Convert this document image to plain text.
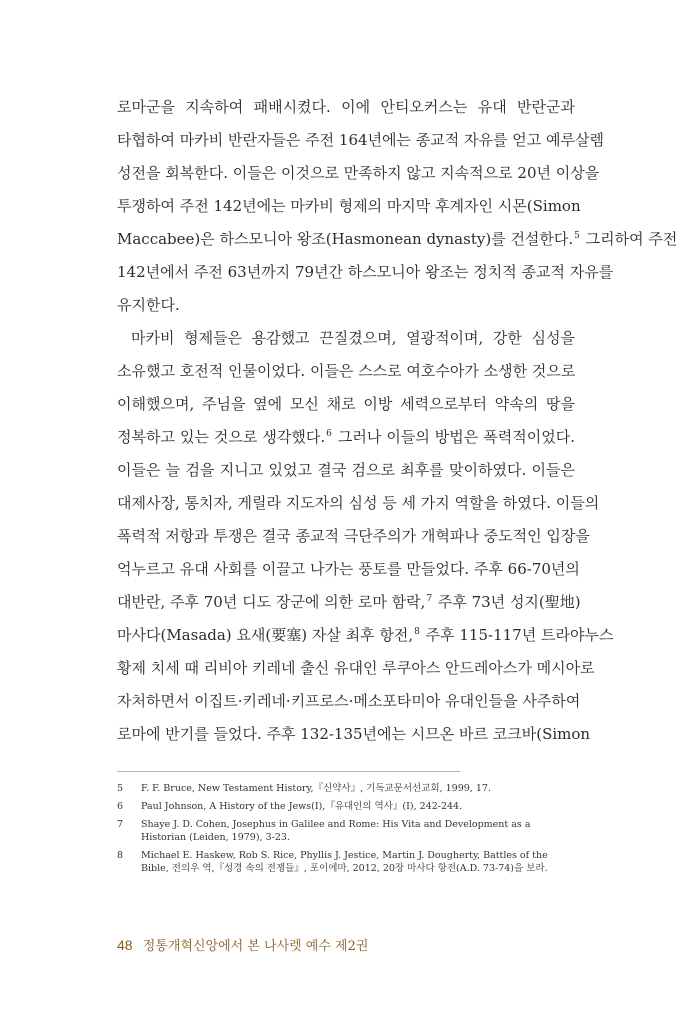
로마군을 지속하여 패배시켰다. 이에 안티오커스는 유대 반란군과
타협하여 마카비 반란자들은 주전 164년에는 종교적 자유를 얻고 예루살렘
성전을 회복한다. 이들은 이것으로 만족하지 않고 지속적으로 20년 이상을
투쟁하여 주전 142년에는 마카비 형제의 마지막 후계자인 시몬(Simon
Maccabee)은 하스모니아 왕조(Hasmonean dynasty)를 건설한다.$^5$ 그리하여 주전
142년에서 주전 63년까지 79년간 하스모니아 왕조는 정치적 종교적 자유를
유지한다.
마카비 형제들은 용감했고 끈질겼으며, 열광적이며, 강한 심성을
소유했고 호전적 인물이었다. 이들은 스스로 여호수아가 소생한 것으로
이해했으며, 주님을 옆에 모신 채로 이방 세력으로부터 약속의 땅을
정복하고 있는 것으로 생각했다.$^6$ 그러나 이들의 방법은 폭력적이었다.
이들은 늘 검을 지니고 있었고 결국 검으로 최후를 맞이하였다. 이들은
대제사장, 통치자, 게릴라 지도자의 심성 등 세 가지 역할을 하였다. 이들의
폭력적 저항과 투쟁은 결국 종교적 극단주의가 개혁파나 중도적인 입장을
억누르고 유대 사회를 이끌고 나가는 풍토를 만들었다. 주후 66-70년의
대반란, 주후 70년 디도 장군에 의한 로마 함락,$^7$ 주후 73년 성지(聖地)
마사다(Masada) 요새(要塞) 자살 최후 항전,$^8$ 주후 115-117년 트라야누스
황제 치세 때 리비아 키레네 출신 유대인 루쿠아스 안드레아스가 메시아로
자처하면서 이집트·키레네·키프로스·메소포타미아 유대인들을 사주하여
로마에 반기를 들었다. 주후 132-135년에는 시므온 바르 코크바(Simon
5	F. F. Bruce, New Testament History,『신약사』, 기독교문서선교회, 1999, 17.
6	Paul Johnson, A History of the Jews(I),『유대인의 역사』(I), 242-244.
7	Shaye J. D. Cohen, Josephus in Galilee and Rome: His Vita and Development as a Historian (Leiden, 1979), 3-23.
8	Michael E. Haskew, Rob S. Rice, Phyllis J. Jestice, Martin J. Dougherty, Battles of the Bible, 전의우 역,『성경 속의 전쟁들』, 포이에마, 2012, 20장 마사다 항전(A.D. 73-74)을 보라.
48 정통개혁신앙에서 본 나사렛 예수 제2권
